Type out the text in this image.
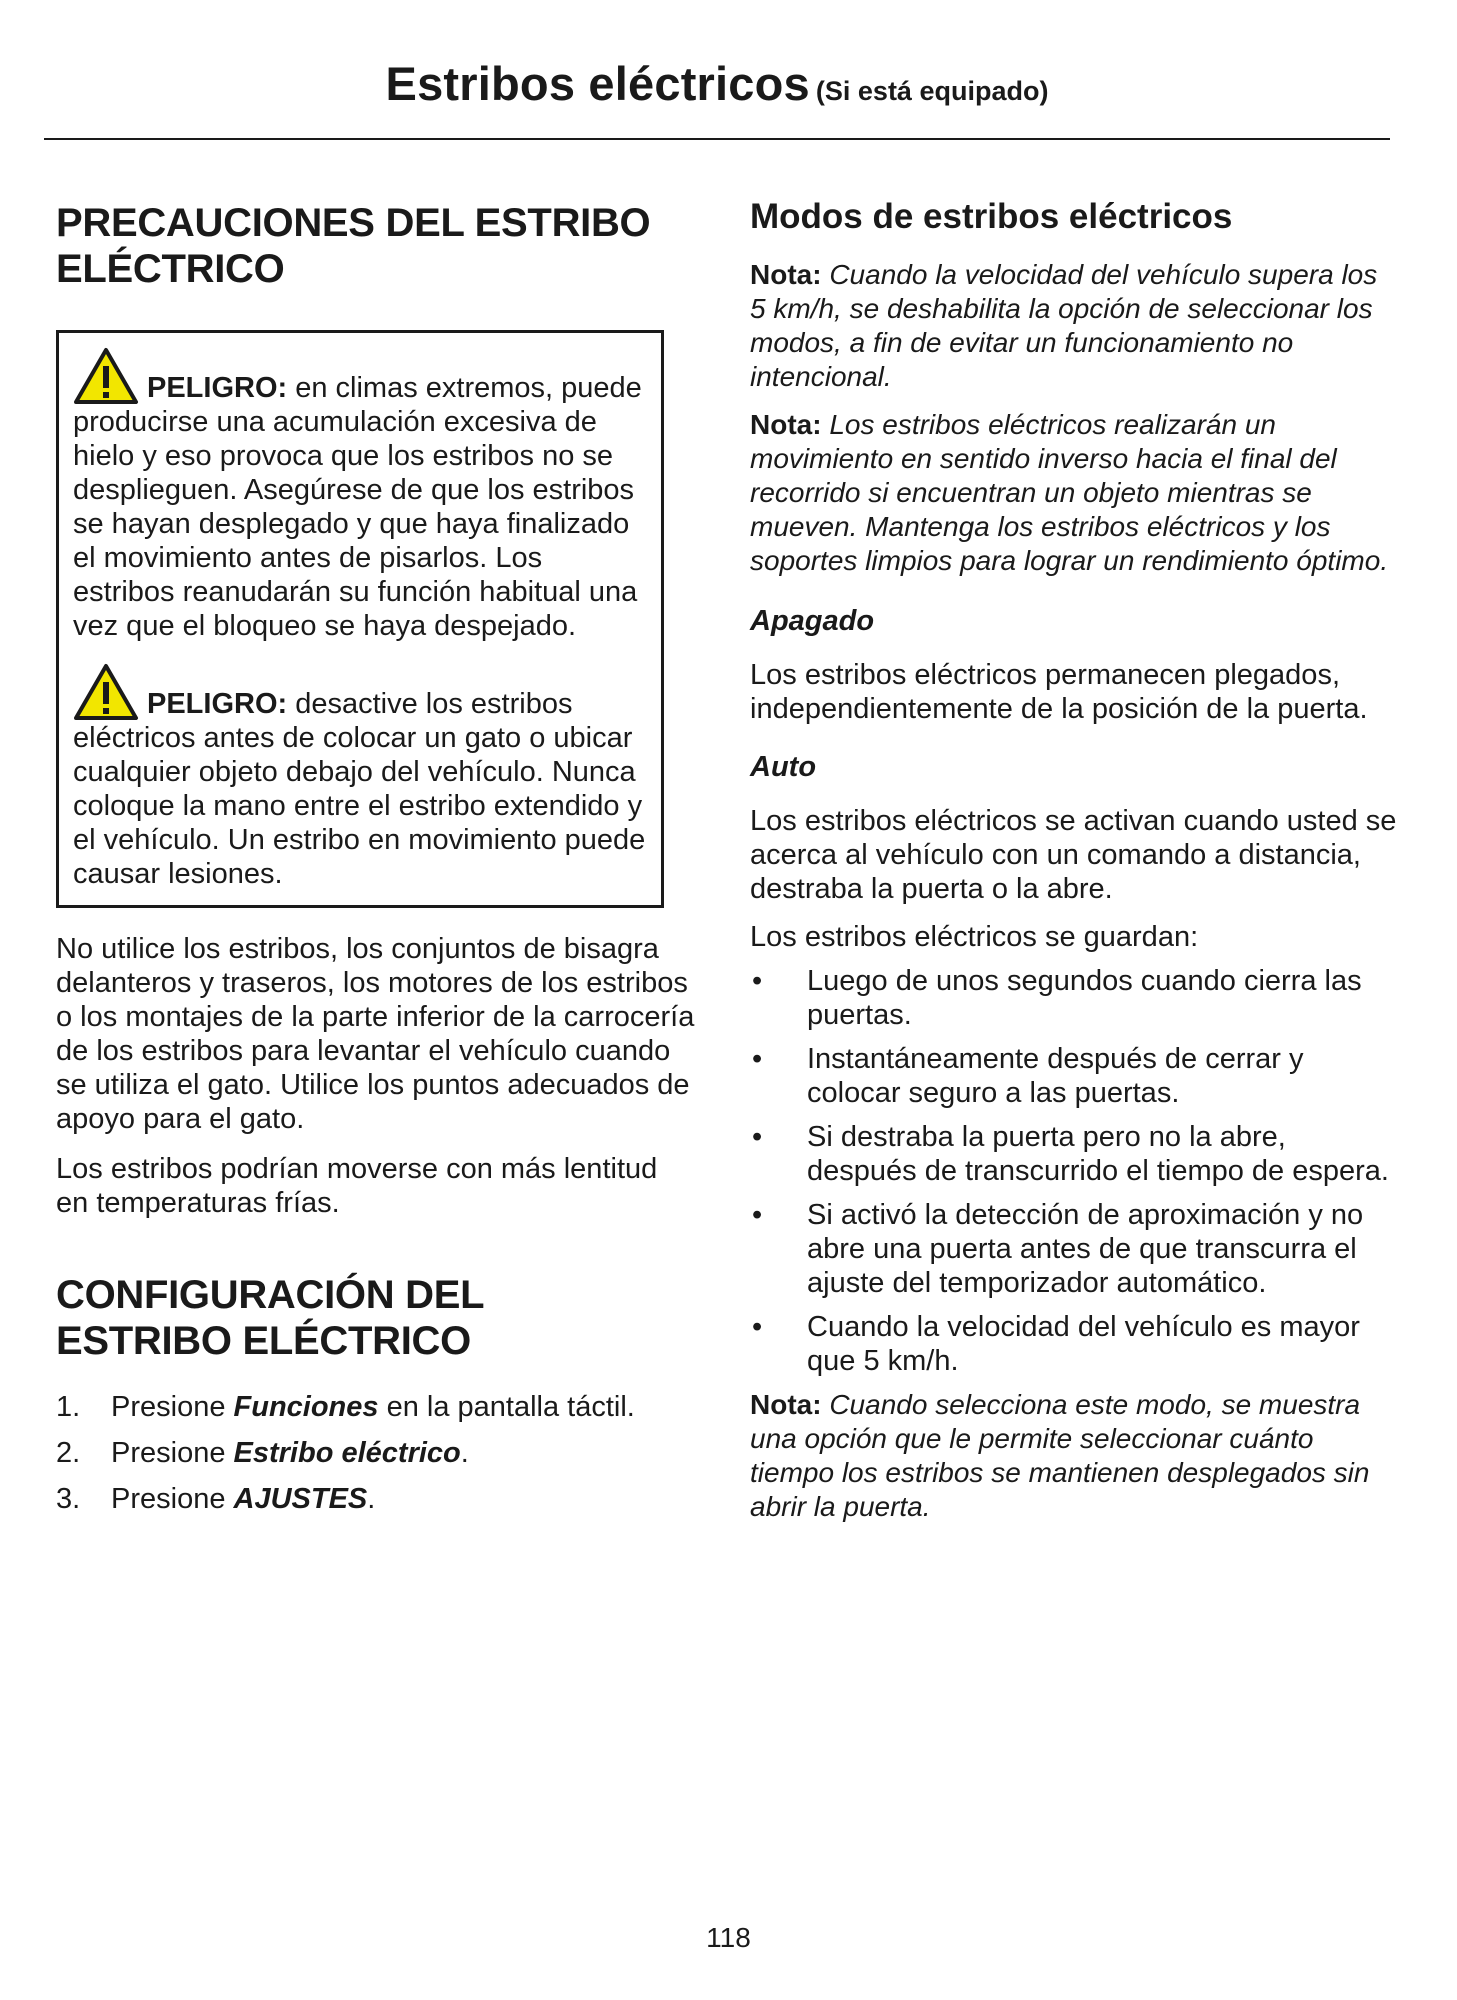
Estribos eléctricos (Si está equipado)
PRECAUCIONES DEL ESTRIBO
ELÉCTRICO

PELIGRO: en climas extremos, puede producirse una acumulación excesiva de hielo y eso provoca que los estribos no se desplieguen. Asegúrese de que los estribos se hayan desplegado y que haya finalizado el movimiento antes de pisarlos. Los estribos reanudarán su función habitual una vez que el bloqueo se haya despejado.

PELIGRO: desactive los estribos eléctricos antes de colocar un gato o ubicar cualquier objeto debajo del vehículo. Nunca coloque la mano entre el estribo extendido y el vehículo. Un estribo en movimiento puede causar lesiones.

No utilice los estribos, los conjuntos de bisagra delanteros y traseros, los motores de los estribos o los montajes de la parte inferior de la carrocería de los estribos para levantar el vehículo cuando se utiliza el gato. Utilice los puntos adecuados de apoyo para el gato.

Los estribos podrían moverse con más lentitud en temperaturas frías.

CONFIGURACIÓN DEL
ESTRIBO ELÉCTRICO
1.	Presione Funciones en la pantalla táctil.
2.	Presione Estribo eléctrico.
3.	Presione AJUSTES.
Modos de estribos eléctricos

Nota: Cuando la velocidad del vehículo supera los 5 km/h, se deshabilita la opción de seleccionar los modos, a fin de evitar un funcionamiento no intencional.

Nota: Los estribos eléctricos realizarán un movimiento en sentido inverso hacia el final del recorrido si encuentran un objeto mientras se mueven. Mantenga los estribos eléctricos y los soportes limpios para lograr un rendimiento óptimo.

Apagado

Los estribos eléctricos permanecen plegados, independientemente de la posición de la puerta.

Auto

Los estribos eléctricos se activan cuando usted se acerca al vehículo con un comando a distancia, destraba la puerta o la abre.

Los estribos eléctricos se guardan:

•	Luego de unos segundos cuando cierra las puertas.
•	Instantáneamente después de cerrar y colocar seguro a las puertas.
•	Si destraba la puerta pero no la abre, después de transcurrido el tiempo de espera.
•	Si activó la detección de aproximación y no abre una puerta antes de que transcurra el ajuste del temporizador automático.
•	Cuando la velocidad del vehículo es mayor que 5 km/h.

Nota: Cuando selecciona este modo, se muestra una opción que le permite seleccionar cuánto tiempo los estribos se mantienen desplegados sin abrir la puerta.

118
